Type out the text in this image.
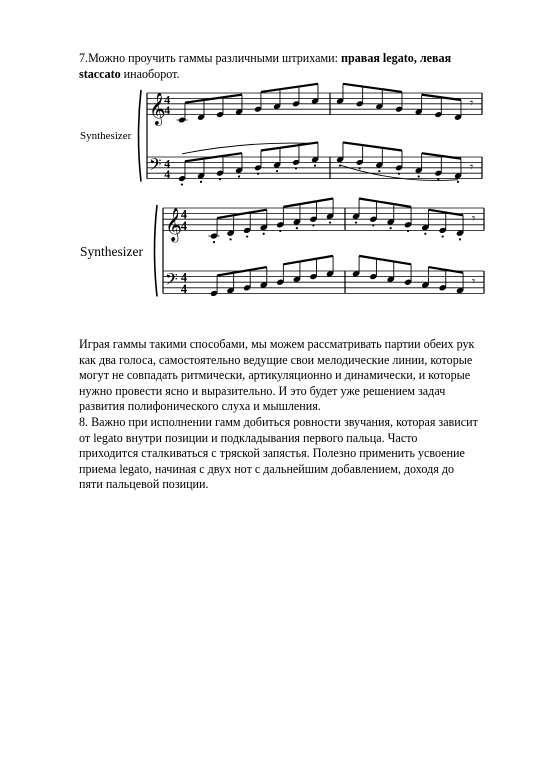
7.Можно проучить гаммы различными штрихами: правая legato, левая staccato инаоборот.

Synthesizer
Synthesizer
𝄞
𝄢
4
4
4
4
𝄾
𝄾
𝄞
𝄢
4
4
4
4
𝄾
𝄾
Играя гаммы такими способами, мы можем рассматривать партии обеих рук как два голоса, самостоятельно ведущие свои мелодические линии, которые могут не совпадать ритмически, артикуляционно и динамически, и которые нужно провести ясно и выразительно. И это будет уже решением задач развития полифонического слуха и мышления.
8. Важно при исполнении гамм добиться ровности звучания, которая зависит от legato внутри позиции и подкладывания первого пальца. Часто приходится сталкиваться с тряской запястья. Полезно применить усвоение приема legato, начиная с двух нот с дальнейшим добавлением, доходя до пяти пальцевой позиции.
